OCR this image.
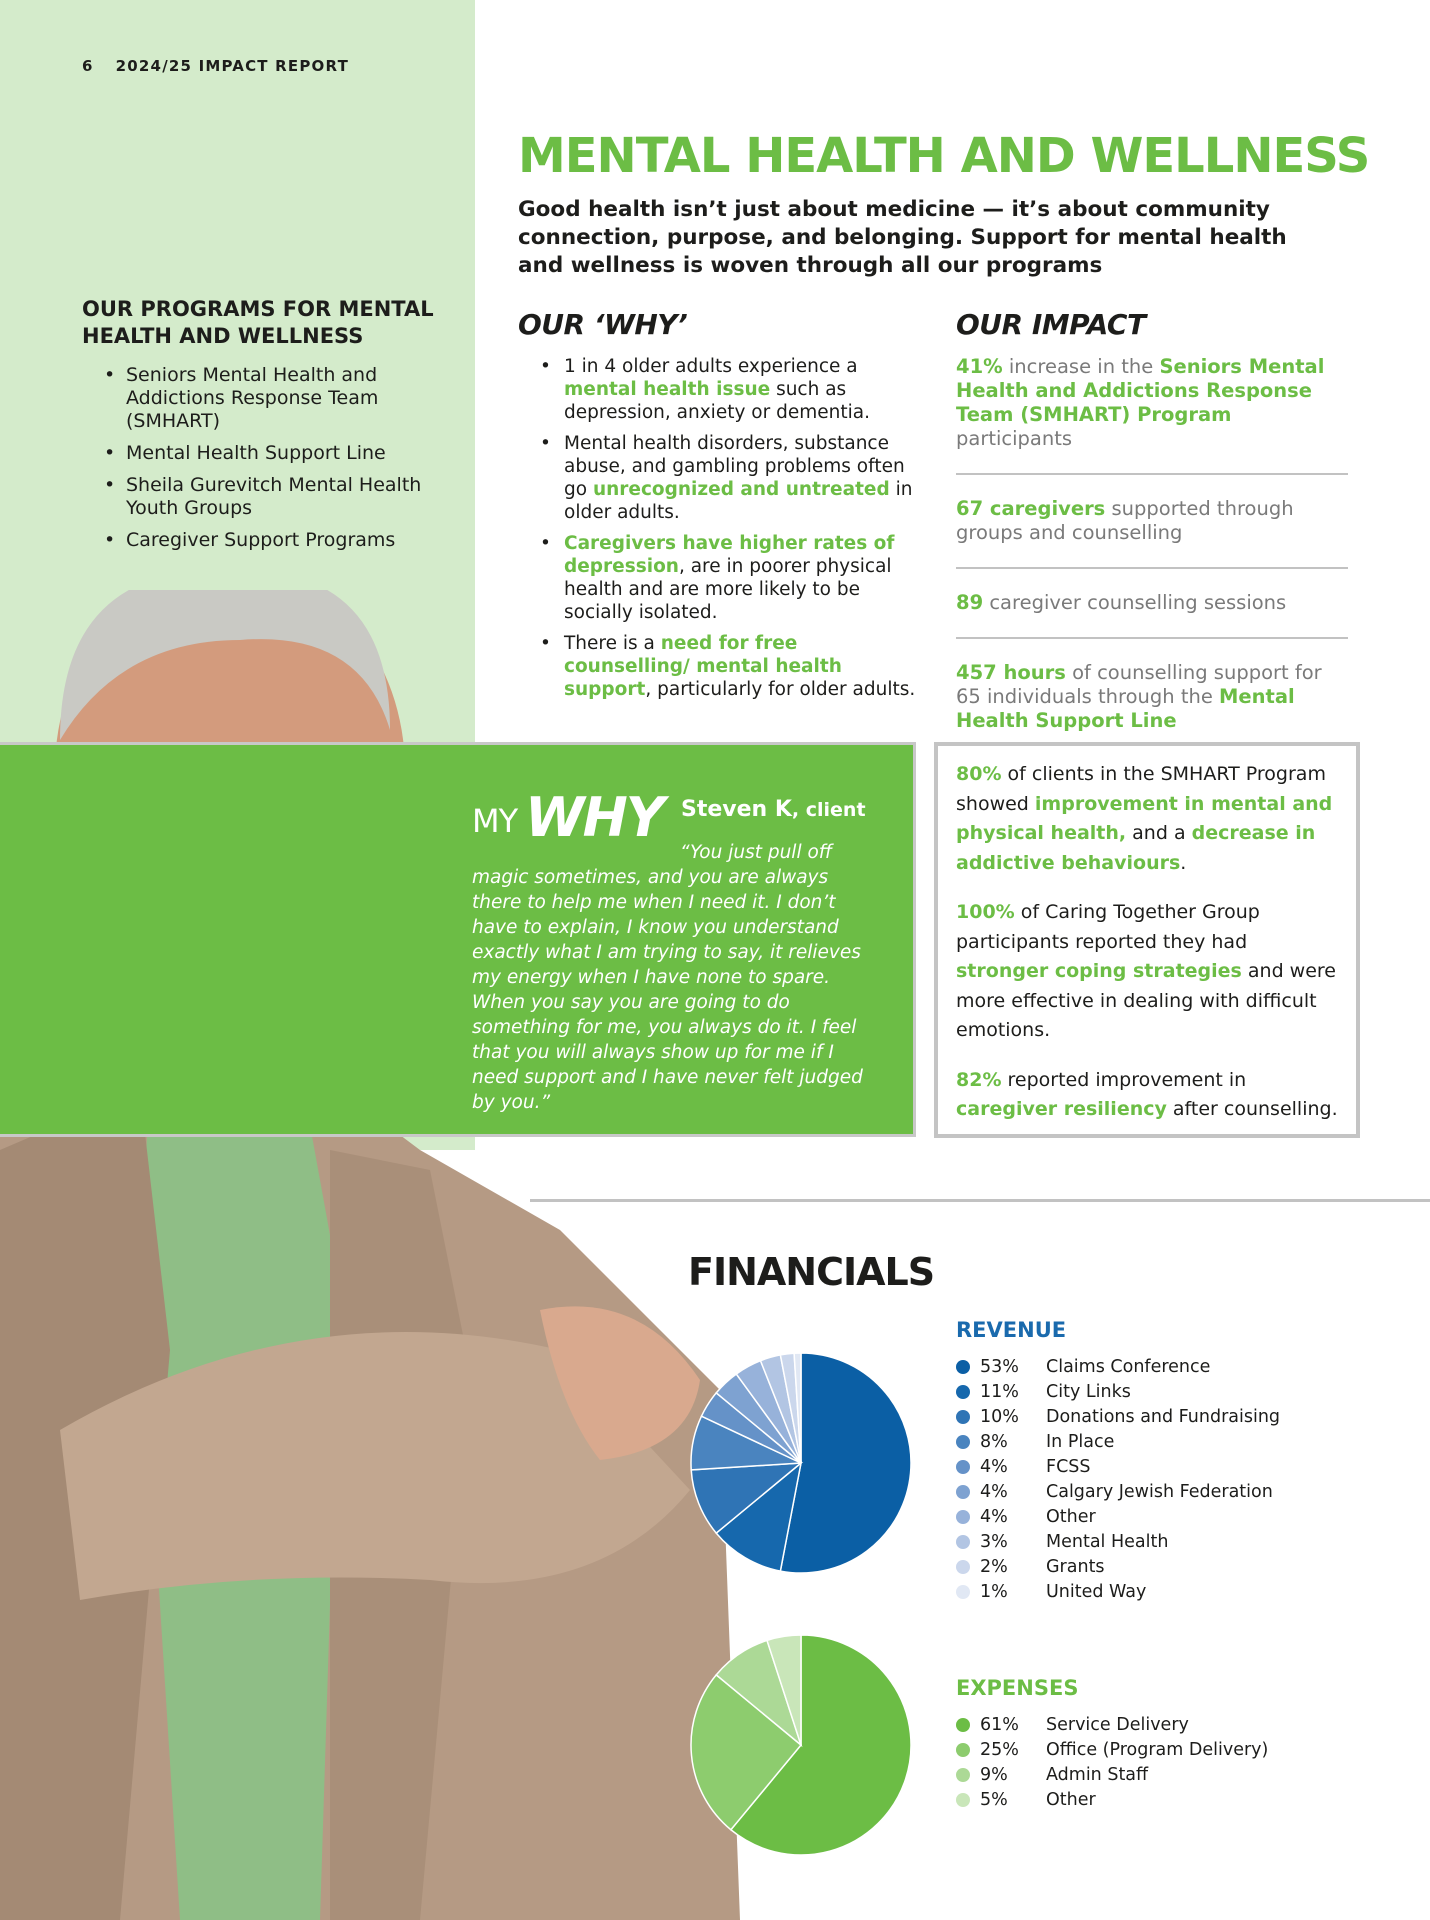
6 2024/25 IMPACT REPORT
OUR PROGRAMS FOR MENTAL HEALTH AND WELLNESS
• Seniors Mental Health and Addictions Response Team (SMHART)
• Mental Health Support Line
• Sheila Gurevitch Mental Health Youth Groups
• Caregiver Support Programs
MENTAL HEALTH AND WELLNESS

Good health isn’t just about medicine — it’s about community connection, purpose, and belonging. Support for mental health and wellness is woven through all our programs

OUR ‘WHY’
• 1 in 4 older adults experience a mental health issue such as depression, anxiety or dementia.
• Mental health disorders, substance abuse, and gambling problems often go unrecognized and untreated in older adults.
• Caregivers have higher rates of depression, are in poorer physical health and are more likely to be socially isolated.
• There is a need for free counselling/ mental health support, particularly for older adults.
OUR IMPACT
41% increase in the Seniors Mental Health and Addictions Response Team (SMHART) Program participants
67 caregivers supported through groups and counselling
89 caregiver counselling sessions
457 hours of counselling support for 65 individuals through the Mental Health Support Line
MY WHY Steven K, client

“You just pull off magic sometimes, and you are always there to help me when I need it. I don’t have to explain, I know you understand exactly what I am trying to say, it relieves my energy when I have none to spare. When you say you are going to do something for me, you always do it. I feel that you will always show up for me if I need support and I have never felt judged by you.”

80% of clients in the SMHART Program showed improvement in mental and physical health, and a decrease in addictive behaviours.

100% of Caring Together Group participants reported they had stronger coping strategies and were more effective in dealing with difficult emotions.

82% reported improvement in caregiver resiliency after counselling.

FINANCIALS
REVENUE
53%	Claims Conference
11%	City Links
10%	Donations and Fundraising
8%	In Place
4%	FCSS
4%	Calgary Jewish Federation
4%	Other
3%	Mental Health
2%	Grants
1%	United Way
EXPENSES
61%	Service Delivery
25%	Office (Program Delivery)
9%	Admin Staff
5%	Other
